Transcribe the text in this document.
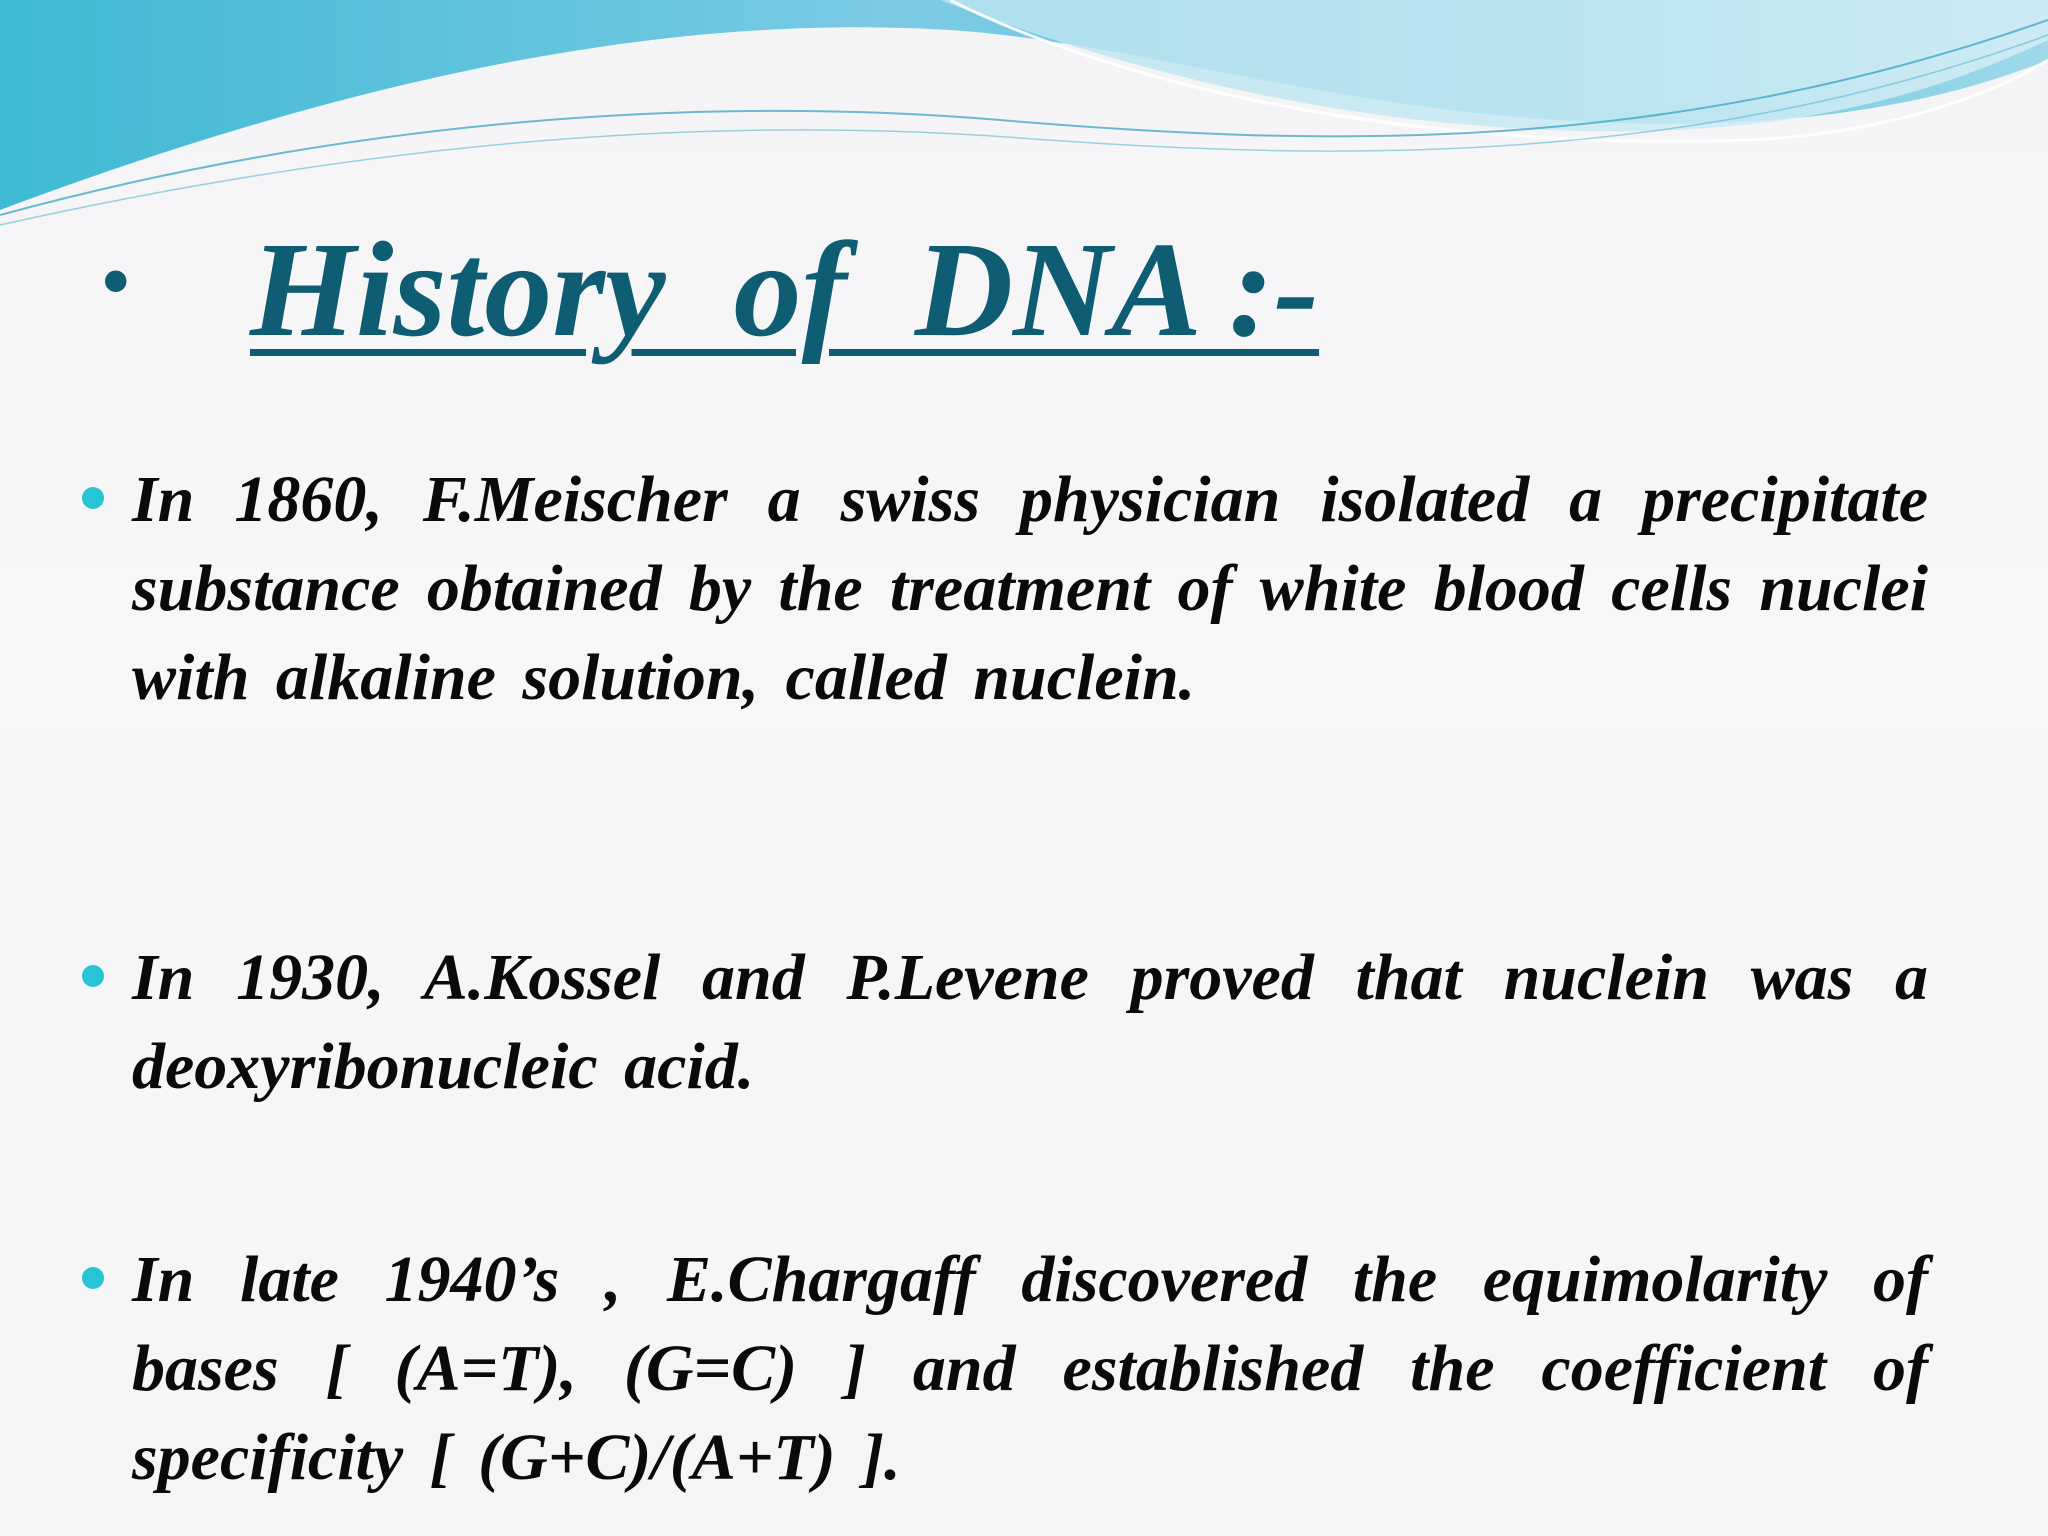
• History  of  DNA :-
In 1860, F.Meischer a swiss physician isolated a precipitate substance obtained by the treatment of white blood cells nuclei with alkaline solution, called nuclein.
In 1930, A.Kossel and P.Levene proved that nuclein was a deoxyribonucleic acid.
In late 1940’s , E.Chargaff discovered the equimolarity of bases [ (A=T), (G=C) ] and established the coefficient of specificity [ (G+C)/(A+T) ].
